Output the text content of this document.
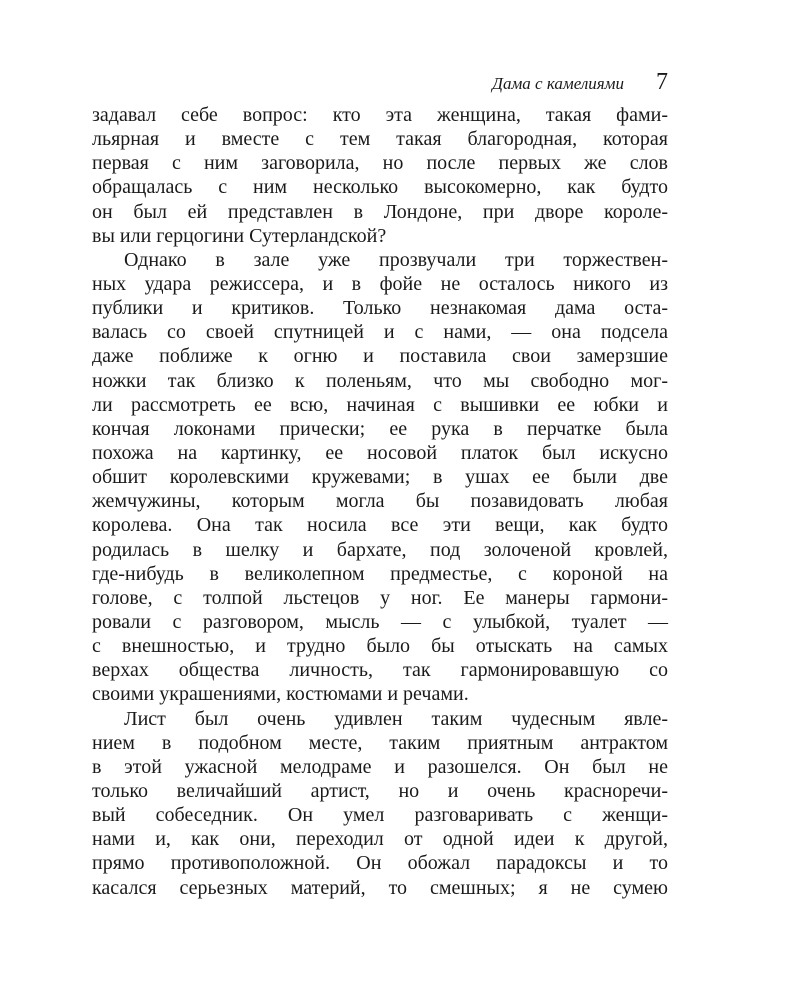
Дама с камелиями 7
задавал себе вопрос: кто эта женщина, такая фами-
льярная и вместе с тем такая благородная, которая
первая с ним заговорила, но после первых же слов
обращалась с ним несколько высокомерно, как будто
он был ей представлен в Лондоне, при дворе короле-
вы или герцогини Сутерландской?
Однако в зале уже прозвучали три торжествен-
ных удара режиссера, и в фойе не осталось никого из
публики и критиков. Только незнакомая дама оста-
валась со своей спутницей и с нами, — она подсела
даже поближе к огню и поставила свои замерзшие
ножки так близко к поленьям, что мы свободно мог-
ли рассмотреть ее всю, начиная с вышивки ее юбки и
кончая локонами прически; ее рука в перчатке была
похожа на картинку, ее носовой платок был искусно
обшит королевскими кружевами; в ушах ее были две
жемчужины, которым могла бы позавидовать любая
королева. Она так носила все эти вещи, как будто
родилась в шелку и бархате, под золоченой кровлей,
где-нибудь в великолепном предместье, с короной на
голове, с толпой льстецов у ног. Ее манеры гармони-
ровали с разговором, мысль — с улыбкой, туалет —
с внешностью, и трудно было бы отыскать на самых
верхах общества личность, так гармонировавшую со
своими украшениями, костюмами и речами.
Лист был очень удивлен таким чудесным явле-
нием в подобном месте, таким приятным антрактом
в этой ужасной мелодраме и разошелся. Он был не
только величайший артист, но и очень красноречи-
вый собеседник. Он умел разговаривать с женщи-
нами и, как они, переходил от одной идеи к другой,
прямо противоположной. Он обожал парадоксы и то
касался серьезных материй, то смешных; я не сумею
